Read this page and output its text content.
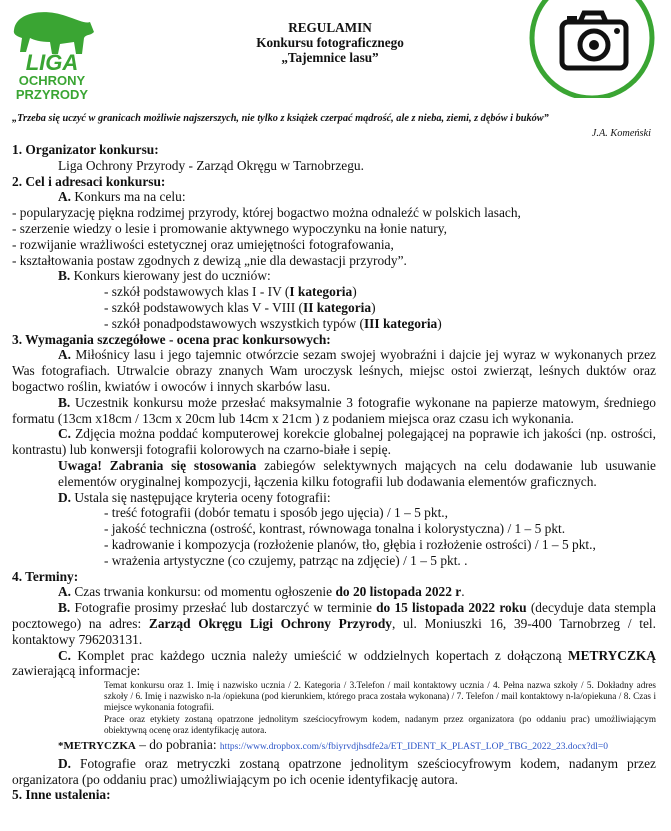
LIGA
OCHRONY
PRZYRODY
REGULAMIN
Konkursu fotograficznego
„Tajemnice lasu”
„Trzeba się uczyć w granicach możliwie najszerszych, nie tylko z książek czerpać mądrość, ale z nieba, ziemi, z dębów i buków”
J.A. Komeński
1. Organizator konkursu:
Liga Ochrony Przyrody - Zarząd Okręgu w Tarnobrzegu.
2. Cel i adresaci konkursu:
A. Konkurs ma na celu:
- popularyzację piękna rodzimej przyrody, której bogactwo można odnaleźć w polskich lasach,
- szerzenie wiedzy o lesie i promowanie aktywnego wypoczynku na łonie natury,
- rozwijanie wrażliwości estetycznej oraz umiejętności fotografowania,
- kształtowania postaw zgodnych z dewizą „nie dla dewastacji przyrody”.
B. Konkurs kierowany jest do uczniów:
- szkół podstawowych klas I - IV (I kategoria)
- szkół podstawowych klas V - VIII (II kategoria)
- szkół ponadpodstawowych wszystkich typów (III kategoria)
3. Wymagania szczegółowe - ocena prac konkursowych:
A. Miłośnicy lasu i jego tajemnic otwórzcie sezam swojej wyobraźni i dajcie jej wyraz w wykonanych przez Was fotografiach. Utrwalcie obrazy znanych Wam uroczysk leśnych, miejsc ostoi zwierząt, leśnych duktów oraz bogactwo roślin, kwiatów i owoców i innych skarbów lasu.
B. Uczestnik konkursu może przesłać maksymalnie 3 fotografie wykonane na papierze matowym, średniego formatu (13cm x18cm / 13cm x 20cm lub 14cm x 21cm ) z podaniem miejsca oraz czasu ich wykonania.
C. Zdjęcia można poddać komputerowej korekcie globalnej polegającej na poprawie ich jakości (np. ostrości, kontrastu) lub konwersji fotografii kolorowych na czarno-białe i sepię.
Uwaga! Zabrania się stosowania zabiegów selektywnych mających na celu dodawanie lub usuwanie elementów oryginalnej kompozycji, łączenia kilku fotografii lub dodawania elementów graficznych.
D. Ustala się następujące kryteria oceny fotografii:
- treść fotografii (dobór tematu i sposób jego ujęcia) / 1 – 5 pkt.,
- jakość techniczna (ostrość, kontrast, równowaga tonalna i kolorystyczna) / 1 – 5 pkt.
- kadrowanie i kompozycja (rozłożenie planów, tło, głębia i rozłożenie ostrości) / 1 – 5 pkt.,
- wrażenia artystyczne (co czujemy, patrząc na zdjęcie) / 1 – 5 pkt. .
4. Terminy:
A. Czas trwania konkursu: od momentu ogłoszenie do 20 listopada 2022 r.
B. Fotografie prosimy przesłać lub dostarczyć w terminie do 15 listopada 2022 roku (decyduje data stempla pocztowego) na adres: Zarząd Okręgu Ligi Ochrony Przyrody, ul. Moniuszki 16, 39-400 Tarnobrzeg / tel. kontaktowy 796203131.
C. Komplet prac każdego ucznia należy umieścić w oddzielnych kopertach z dołączoną METRYCZKĄ zawierającą informacje:
Temat konkursu oraz 1. Imię i nazwisko ucznia / 2. Kategoria / 3.Telefon / mail kontaktowy ucznia / 4. Pełna nazwa szkoły / 5. Dokładny adres szkoły / 6. Imię i nazwisko n-la /opiekuna (pod kierunkiem, którego praca została wykonana) / 7. Telefon / mail kontaktowy n-la/opiekuna / 8. Czas i miejsce wykonania fotografii.
Prace oraz etykiety zostaną opatrzone jednolitym sześciocyfrowym kodem, nadanym przez organizatora (po oddaniu prac) umożliwiającym obiektywną ocenę oraz identyfikację autora.
*METRYCZKA – do pobrania: https://www.dropbox.com/s/fbiyrvdjhsdfe2a/ET_IDENT_K_PLAST_LOP_TBG_2022_23.docx?dl=0
D. Fotografie oraz metryczki zostaną opatrzone jednolitym sześciocyfrowym kodem, nadanym przez organizatora (po oddaniu prac) umożliwiającym po ich ocenie identyfikację autora.
5. Inne ustalenia:
